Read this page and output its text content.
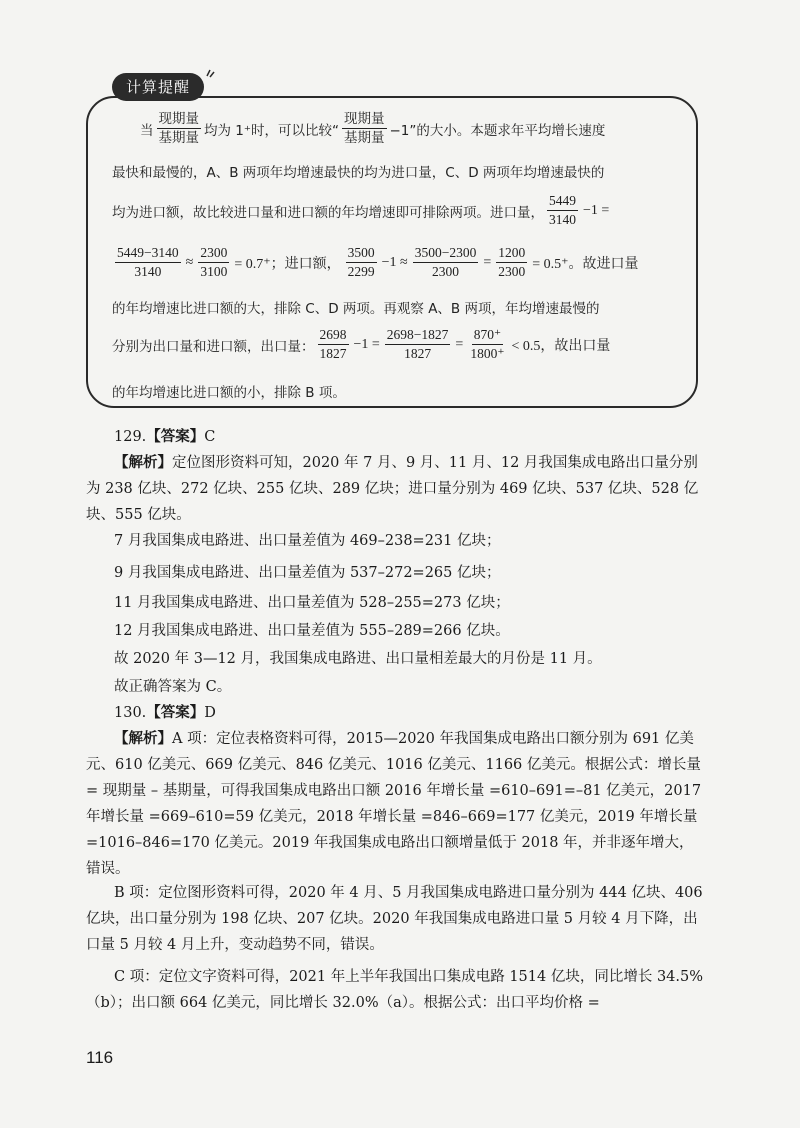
计算提醒
当 $\frac{\text{现期量}}{\text{基期量}}$ 均为 1⁺时，可以比较“ $\frac{\text{现期量}}{\text{基期量}} -1$”的大小。本题求年平均增长速度
最快和最慢的，A、B 两项年均增速最快的均为进口量，C、D 两项年均增速最快的
均为进口额，故比较进口量和进口额的年均增速即可排除两项。进口量， $\frac{5449}{3140} -1$ =
$\frac{5449-3140}{3140} \approx \frac{2300}{3100} = 0.7^+$；进口额， $\frac{3500}{2299} -1 \approx \frac{3500-2300}{2300} = \frac{1200}{2300} = 0.5^+$。故进口量
的年均增速比进口额的大，排除 C、D 两项。再观察 A、B 两项，年均增速最慢的
分别为出口量和进口额，出口量： $\frac{2698}{1827} -1 = \frac{2698-1827}{1827} = \frac{870^+}{1800^+} < 0.5$，故出口量
的年均增速比进口额的小，排除 B 项。
129.【答案】C
【解析】定位图形资料可知，2020 年 7 月、9 月、11 月、12 月我国集成电路出口量分别为 238 亿块、272 亿块、255 亿块、289 亿块；进口量分别为 469 亿块、537 亿块、528 亿块、555 亿块。
7 月我国集成电路进、出口量差值为 469–238=231 亿块；
9 月我国集成电路进、出口量差值为 537–272=265 亿块；
11 月我国集成电路进、出口量差值为 528–255=273 亿块；
12 月我国集成电路进、出口量差值为 555–289=266 亿块。
故 2020 年 3—12 月，我国集成电路进、出口量相差最大的月份是 11 月。
故正确答案为 C。
130.【答案】D
【解析】A 项：定位表格资料可得，2015—2020 年我国集成电路出口额分别为 691 亿美元、610 亿美元、669 亿美元、846 亿美元、1016 亿美元、1166 亿美元。根据公式：增长量 = 现期量 – 基期量，可得我国集成电路出口额 2016 年增长量 =610–691=–81 亿美元，2017 年增长量 =669–610=59 亿美元，2018 年增长量 =846–669=177 亿美元，2019 年增长量 =1016–846=170 亿美元。2019 年我国集成电路出口额增量低于 2018 年，并非逐年增大，错误。
B 项：定位图形资料可得，2020 年 4 月、5 月我国集成电路进口量分别为 444 亿块、406 亿块，出口量分别为 198 亿块、207 亿块。2020 年我国集成电路进口量 5 月较 4 月下降，出口量 5 月较 4 月上升，变动趋势不同，错误。
C 项：定位文字资料可得，2021 年上半年我国出口集成电路 1514 亿块，同比增长 34.5%（b）；出口额 664 亿美元，同比增长 32.0%（a）。根据公式：出口平均价格 =
116
